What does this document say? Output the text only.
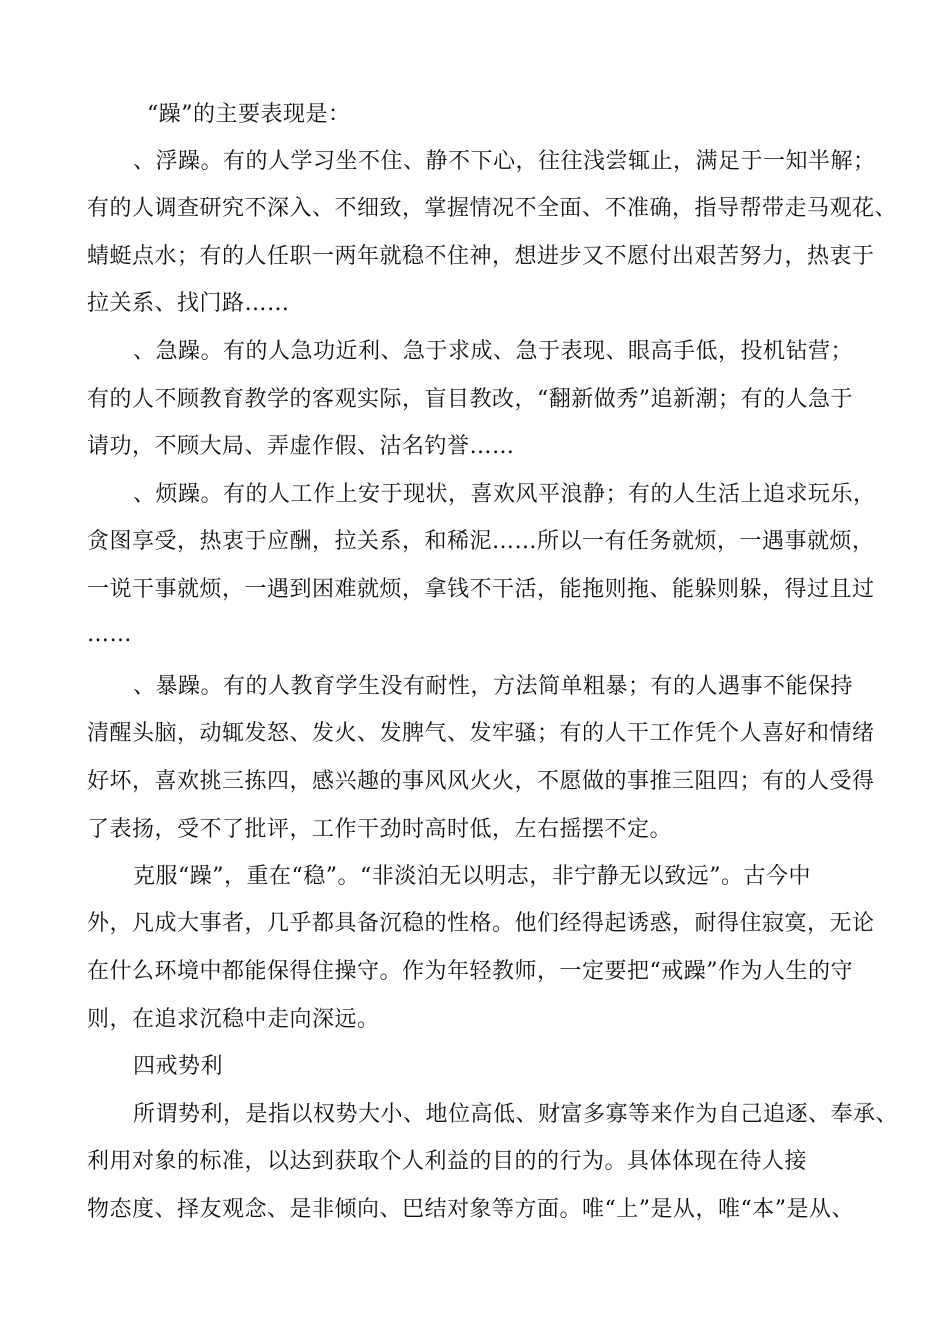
“躁”的主要表现是：
、浮躁。有的人学习坐不住、静不下心，往往浅尝辄止，满足于一知半解；
有的人调查研究不深入、不细致，掌握情况不全面、不准确，指导帮带走马观花、
蜻蜓点水；有的人任职一两年就稳不住神，想进步又不愿付出艰苦努力，热衷于
拉关系、找门路……
、急躁。有的人急功近利、急于求成、急于表现、眼高手低，投机钻营；
有的人不顾教育教学的客观实际，盲目教改，“翻新做秀”追新潮；有的人急于
请功，不顾大局、弄虚作假、沽名钓誉……
、烦躁。有的人工作上安于现状，喜欢风平浪静；有的人生活上追求玩乐，
贪图享受，热衷于应酬，拉关系，和稀泥……所以一有任务就烦，一遇事就烦，
一说干事就烦，一遇到困难就烦，拿钱不干活，能拖则拖、能躲则躲，得过且过
……
、暴躁。有的人教育学生没有耐性，方法简单粗暴；有的人遇事不能保持
清醒头脑，动辄发怒、发火、发脾气、发牢骚；有的人干工作凭个人喜好和情绪
好坏，喜欢挑三拣四，感兴趣的事风风火火，不愿做的事推三阻四；有的人受得
了表扬，受不了批评，工作干劲时高时低，左右摇摆不定。
克服“躁”，重在“稳”。“非淡泊无以明志，非宁静无以致远”。古今中
外，凡成大事者，几乎都具备沉稳的性格。他们经得起诱惑，耐得住寂寞，无论
在什么环境中都能保得住操守。作为年轻教师，一定要把“戒躁”作为人生的守
则，在追求沉稳中走向深远。
四戒势利
所谓势利，是指以权势大小、地位高低、财富多寡等来作为自己追逐、奉承、
利用对象的标准，以达到获取个人利益的目的的行为。具体体现在待人接
物态度、择友观念、是非倾向、巴结对象等方面。唯“上”是从，唯“本”是从、
